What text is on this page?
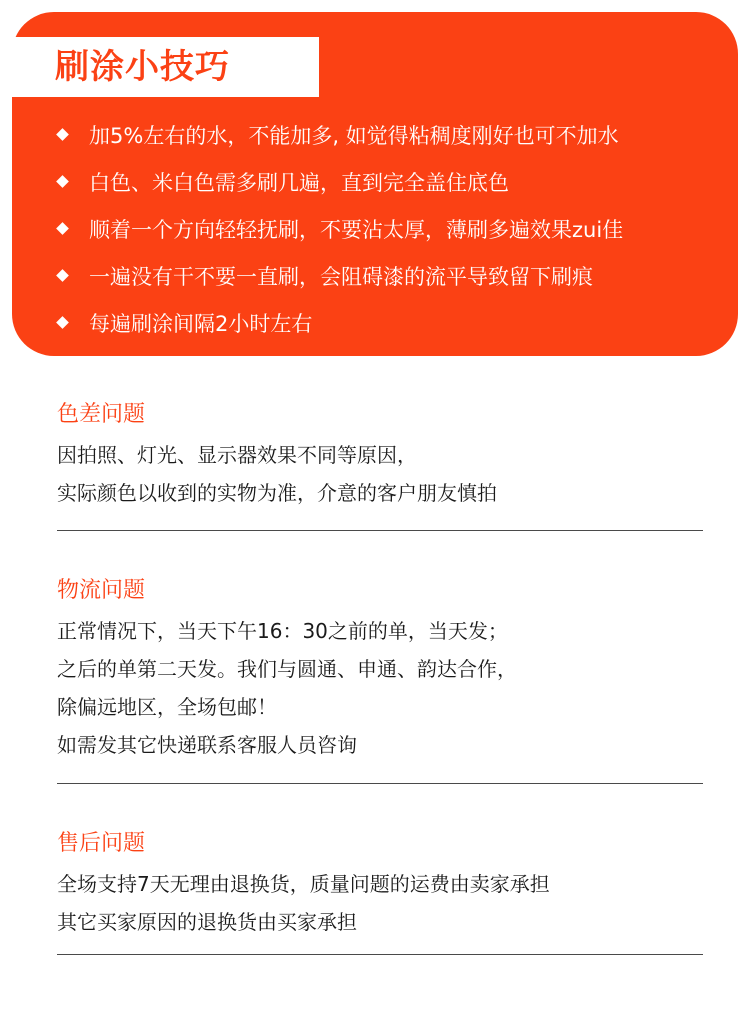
刷涂小技巧
加5%左右的水，不能加多, 如觉得粘稠度刚好也可不加水
白色、米白色需多刷几遍，直到完全盖住底色
顺着一个方向轻轻抚刷，不要沾太厚，薄刷多遍效果zui佳
一遍没有干不要一直刷，会阻碍漆的流平导致留下刷痕
每遍刷涂间隔2小时左右
色差问题
因拍照、灯光、显示器效果不同等原因，
实际颜色以收到的实物为准，介意的客户朋友慎拍
物流问题
正常情况下，当天下午16：30之前的单，当天发；
之后的单第二天发。我们与圆通、申通、韵达合作，
除偏远地区，全场包邮！
如需发其它快递联系客服人员咨询
售后问题
全场支持7天无理由退换货，质量问题的运费由卖家承担
其它买家原因的退换货由买家承担
